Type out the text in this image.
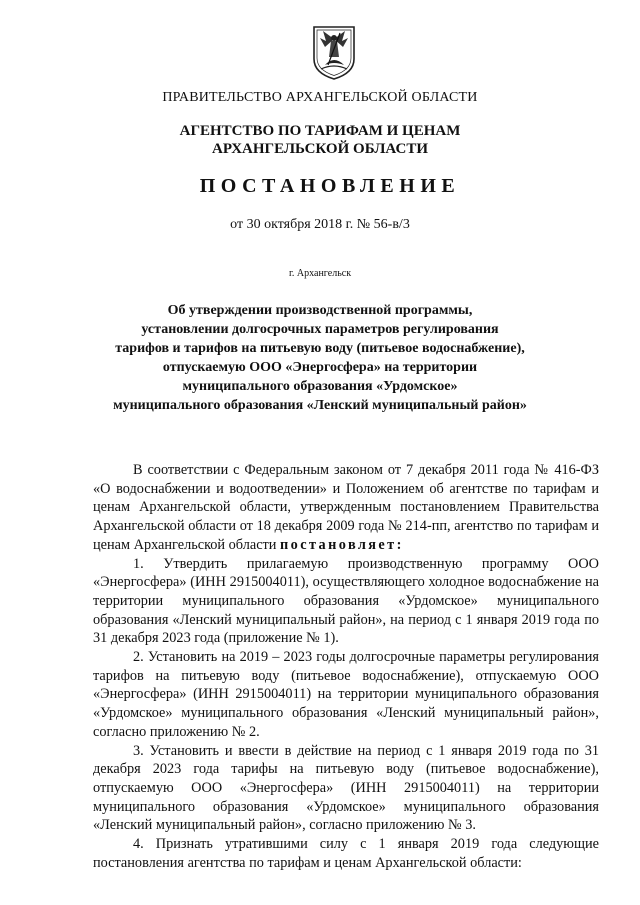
ПРАВИТЕЛЬСТВО АРХАНГЕЛЬСКОЙ ОБЛАСТИ
АГЕНТСТВО ПО ТАРИФАМ И ЦЕНАМ
АРХАНГЕЛЬСКОЙ ОБЛАСТИ
ПОСТАНОВЛЕНИЕ
от 30 октября 2018 г. № 56-в/3
г. Архангельск
Об утверждении производственной программы,
установлении долгосрочных параметров регулирования
тарифов и тарифов на питьевую воду (питьевое водоснабжение),
отпускаемую ООО «Энергосфера» на территории
муниципального образования «Урдомское»
муниципального образования «Ленский муниципальный район»

В соответствии с Федеральным законом от 7 декабря 2011 года № 416-ФЗ «О водоснабжении и водоотведении» и Положением об агентстве по тарифам и ценам Архангельской области, утвержденным постановлением Правительства Архангельской области от 18 декабря 2009 года № 214-пп, агентство по тарифам и ценам Архангельской области постановляет:

1. Утвердить прилагаемую производственную программу ООО «Энергосфера» (ИНН 2915004011), осуществляющего холодное водоснабжение на территории муниципального образования «Урдомское» муниципального образования «Ленский муниципальный район», на период с 1 января 2019 года по 31 декабря 2023 года (приложение № 1).

2. Установить на 2019 – 2023 годы долгосрочные параметры регулирования тарифов на питьевую воду (питьевое водоснабжение), отпускаемую ООО «Энергосфера» (ИНН 2915004011) на территории муниципального образования «Урдомское» муниципального образования «Ленский муниципальный район», согласно приложению № 2.

3. Установить и ввести в действие на период с 1 января 2019 года по 31 декабря 2023 года тарифы на питьевую воду (питьевое водоснабжение), отпускаемую ООО «Энергосфера» (ИНН 2915004011) на территории муниципального образования «Урдомское» муниципального образования «Ленский муниципальный район», согласно приложению № 3.

4. Признать утратившими силу с 1 января 2019 года следующие постановления агентства по тарифам и ценам Архангельской области:
